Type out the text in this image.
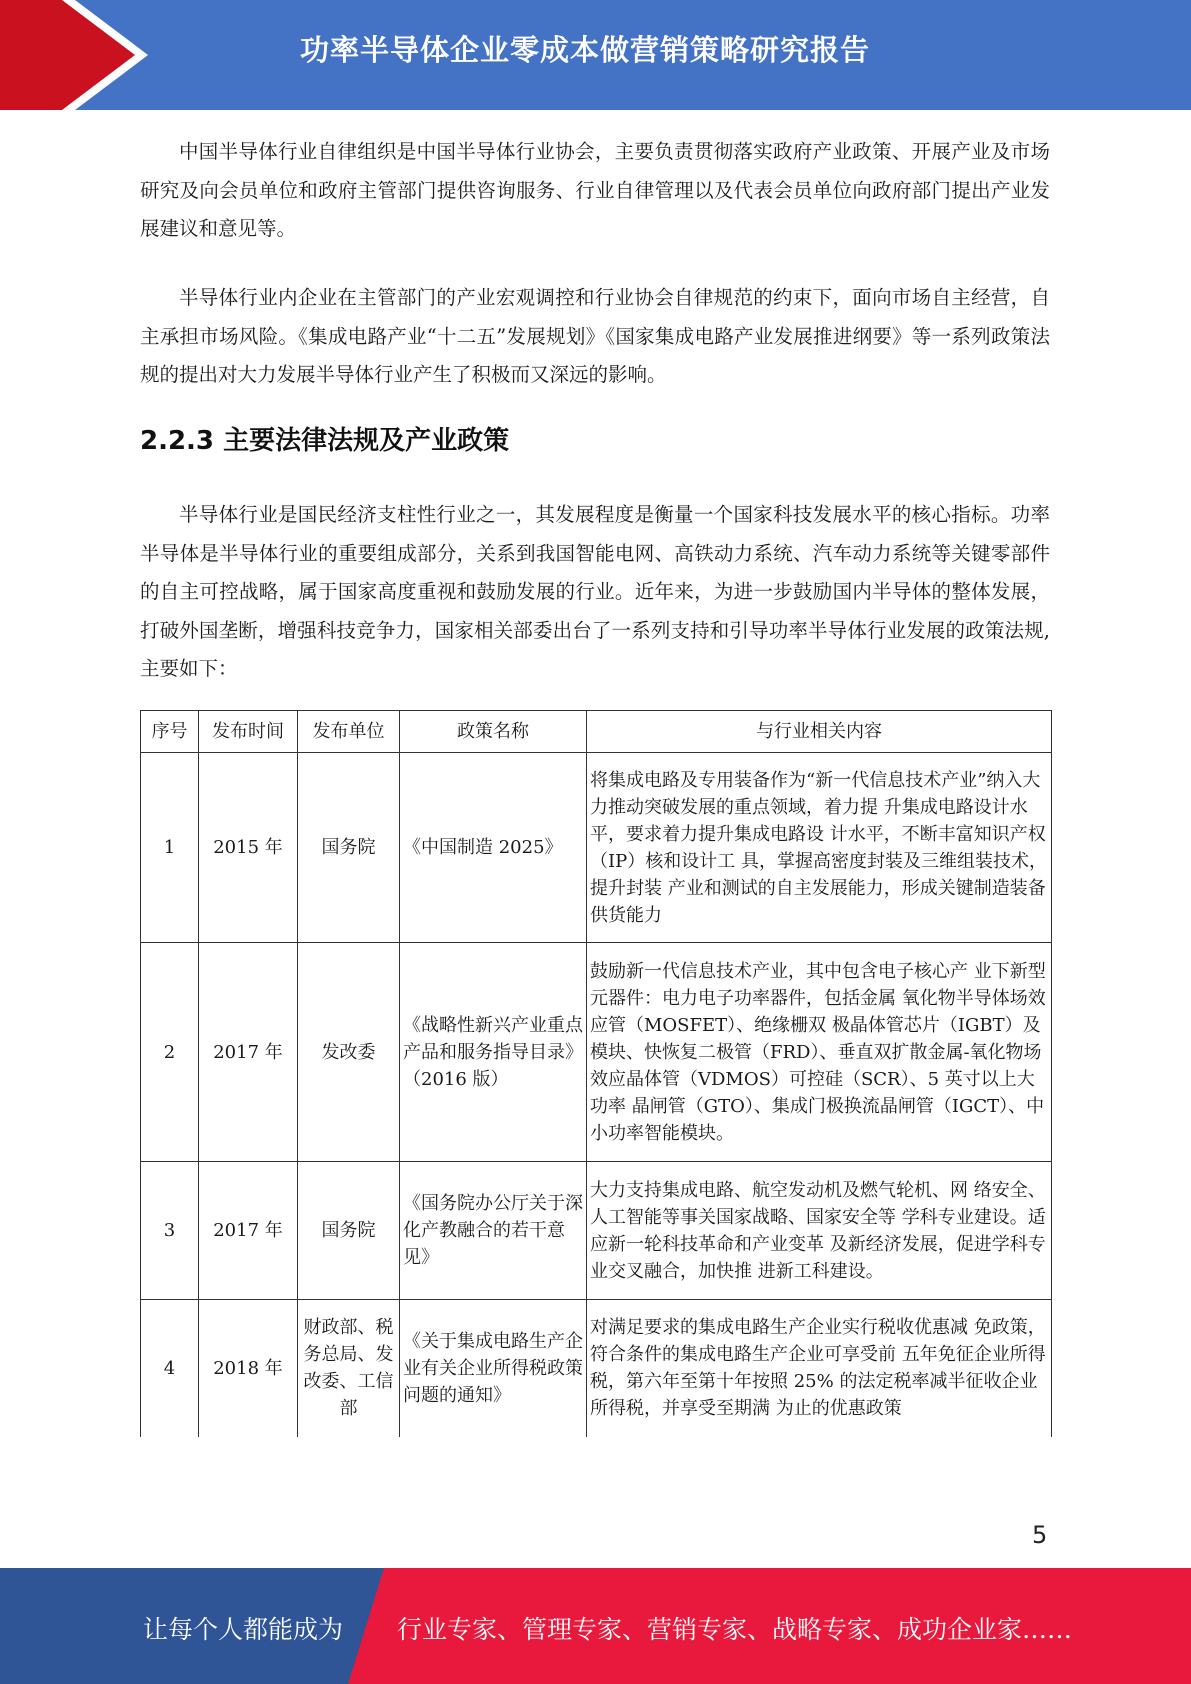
功率半导体企业零成本做营销策略研究报告

中国半导体行业自律组织是中国半导体行业协会，主要负责贯彻落实政府产业政策、开展产业及市场研究及向会员单位和政府主管部门提供咨询服务、行业自律管理以及代表会员单位向政府部门提出产业发展建议和意见等。

半导体行业内企业在主管部门的产业宏观调控和行业协会自律规范的约束下，面向市场自主经营，自主承担市场风险。《集成电路产业“十二五”发展规划》《国家集成电路产业发展推进纲要》等一系列政策法规的提出对大力发展半导体行业产生了积极而又深远的影响。

2.2.3 主要法律法规及产业政策

半导体行业是国民经济支柱性行业之一，其发展程度是衡量一个国家科技发展水平的核心指标。功率半导体是半导体行业的重要组成部分，关系到我国智能电网、高铁动力系统、汽车动力系统等关键零部件的自主可控战略，属于国家高度重视和鼓励发展的行业。近年来，为进一步鼓励国内半导体的整体发展，打破外国垄断，增强科技竞争力，国家相关部委出台了一系列支持和引导功率半导体行业发展的政策法规,主要如下：

序号	发布时间	发布单位	政策名称	与行业相关内容
1	2015 年	国务院	《中国制造 2025》	将集成电路及专用装备作为“新一代信息技术产业”纳入大力推动突破发展的重点领域，着力提 升集成电路设计水平，要求着力提升集成电路设 计水平，不断丰富知识产权（IP）核和设计工 具，掌握高密度封装及三维组装技术，提升封装 产业和测试的自主发展能力，形成关键制造装备 供货能力
2	2017 年	发改委	《战略性新兴产业重点产品和服务指导目录》（2016 版）	鼓励新一代信息技术产业，其中包含电子核心产 业下新型元器件：电力电子功率器件，包括金属 氧化物半导体场效应管（MOSFET）、绝缘栅双 极晶体管芯片（IGBT）及模块、快恢复二极管（FRD）、垂直双扩散金属-氧化物场效应晶体管（VDMOS）可控硅（SCR）、5 英寸以上大功率 晶闸管（GTO）、集成门极换流晶闸管（IGCT）、中小功率智能模块。
3	2017 年	国务院	《国务院办公厅关于深化产教融合的若干意见》	大力支持集成电路、航空发动机及燃气轮机、网 络安全、人工智能等事关国家战略、国家安全等 学科专业建设。适应新一轮科技革命和产业变革 及新经济发展，促进学科专业交叉融合，加快推 进新工科建设。
4	2018 年	财政部、税务总局、发改委、工信部	《关于集成电路生产企业有关企业所得税政策问题的通知》	对满足要求的集成电路生产企业实行税收优惠减 免政策，符合条件的集成电路生产企业可享受前 五年免征企业所得税，第六年至第十年按照 25% 的法定税率减半征收企业所得税，并享受至期满 为止的优惠政策
5
让每个人都能成为 行业专家、管理专家、营销专家、战略专家、成功企业家……
